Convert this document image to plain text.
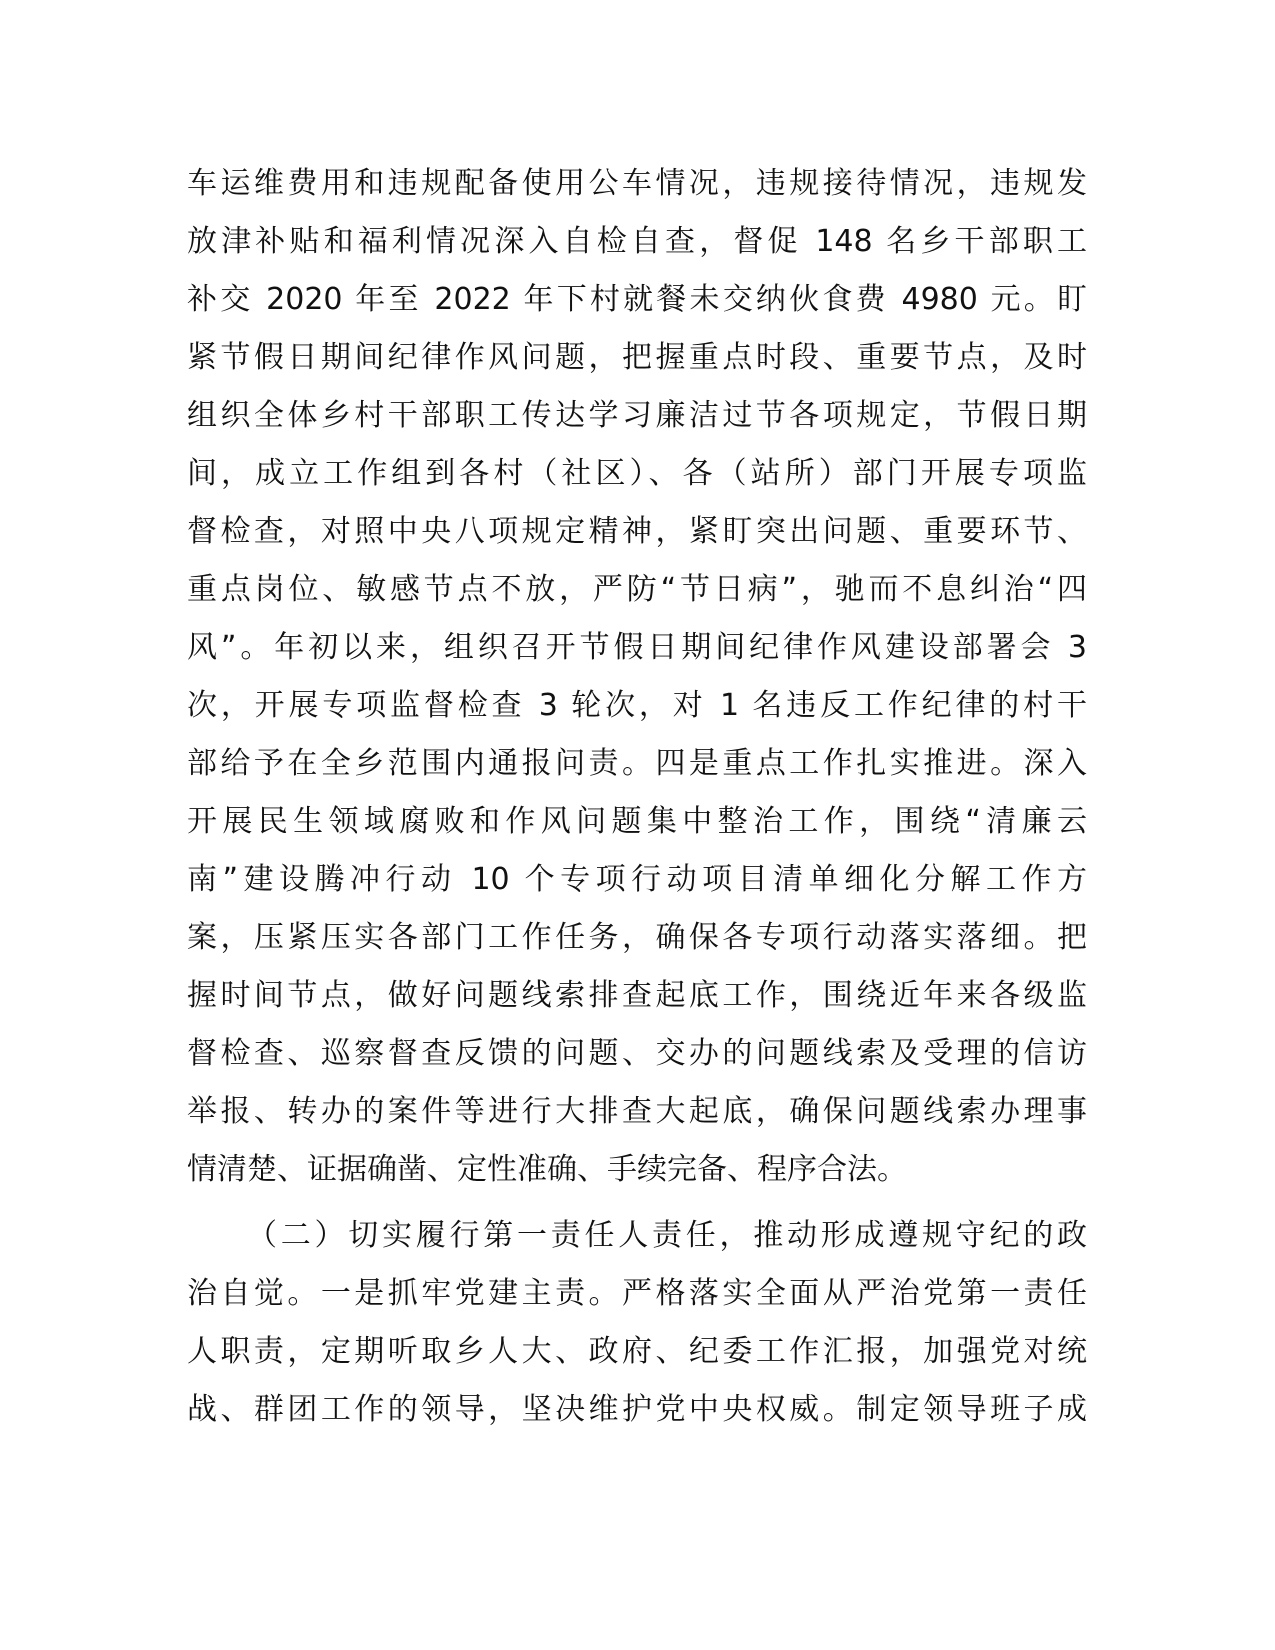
车运维费用和违规配备使用公车情况，违规接待情况，违规发
放津补贴和福利情况深入自检自查，督促 148 名乡干部职工
补交 2020 年至 2022 年下村就餐未交纳伙食费 4980 元。盯
紧节假日期间纪律作风问题，把握重点时段、重要节点，及时
组织全体乡村干部职工传达学习廉洁过节各项规定，节假日期
间，成立工作组到各村（社区）、各（站所）部门开展专项监
督检查，对照中央八项规定精神，紧盯突出问题、重要环节、
重点岗位、敏感节点不放，严防“节日病”，驰而不息纠治“四
风”。年初以来，组织召开节假日期间纪律作风建设部署会 3
次，开展专项监督检查 3 轮次，对 1 名违反工作纪律的村干
部给予在全乡范围内通报问责。四是重点工作扎实推进。深入
开展民生领域腐败和作风问题集中整治工作，围绕“清廉云
南”建设腾冲行动 10 个专项行动项目清单细化分解工作方
案，压紧压实各部门工作任务，确保各专项行动落实落细。把
握时间节点，做好问题线索排查起底工作，围绕近年来各级监
督检查、巡察督查反馈的问题、交办的问题线索及受理的信访
举报、转办的案件等进行大排查大起底，确保问题线索办理事
情清楚、证据确凿、定性准确、手续完备、程序合法。
（二）切实履行第一责任人责任，推动形成遵规守纪的政
治自觉。一是抓牢党建主责。严格落实全面从严治党第一责任
人职责，定期听取乡人大、政府、纪委工作汇报，加强党对统
战、群团工作的领导，坚决维护党中央权威。制定领导班子成
